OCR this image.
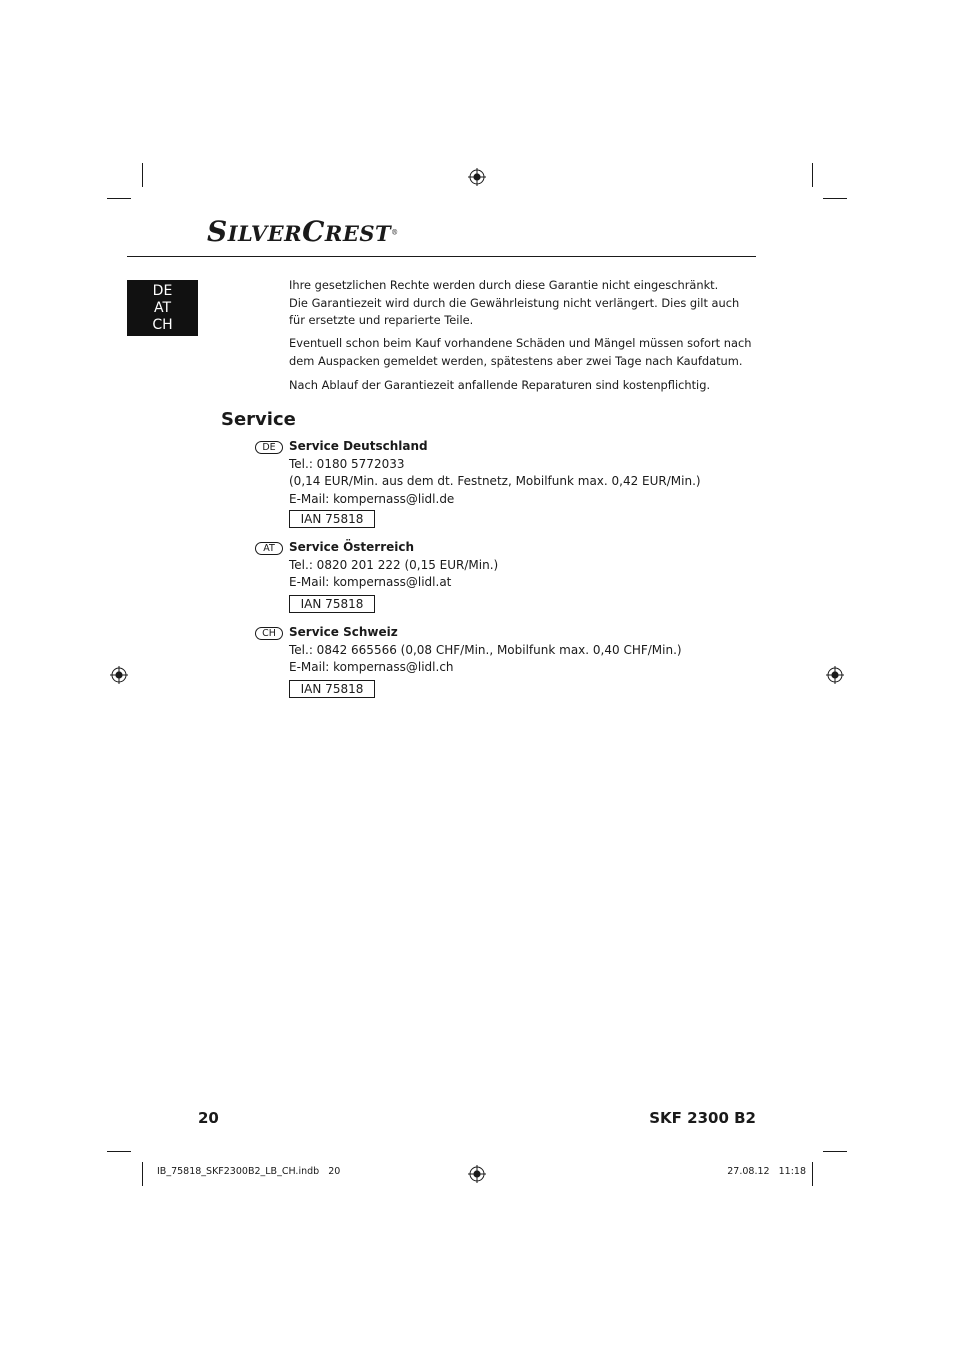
SILVERCREST®
DE
AT
CH
Ihre gesetzlichen Rechte werden durch diese Garantie nicht eingeschränkt.
Die Garantiezeit wird durch die Gewährleistung nicht verlängert. Dies gilt auch
für ersetzte und reparierte Teile.
Eventuell schon beim Kauf vorhandene Schäden und Mängel müssen sofort nach
dem Auspacken gemeldet werden, spätestens aber zwei Tage nach Kaufdatum.
Nach Ablauf der Garantiezeit anfallende Reparaturen sind kostenpflichtig.
Service
DE	Service Deutschland
Tel.: 0180 5772033
(0,14 EUR/Min. aus dem dt. Festnetz, Mobilfunk max. 0,42 EUR/Min.)
E-Mail: kompernass@lidl.de
IAN 75818
AT	Service Österreich
Tel.: 0820 201 222 (0,15 EUR/Min.)
E-Mail: kompernass@lidl.at
IAN 75818
CH	Service Schweiz
Tel.: 0842 665566 (0,08 CHF/Min., Mobilfunk max. 0,40 CHF/Min.)
E-Mail: kompernass@lidl.ch
IAN 75818
20	SKF 2300 B2
IB_75818_SKF2300B2_LB_CH.indb   20	27.08.12   11:18
